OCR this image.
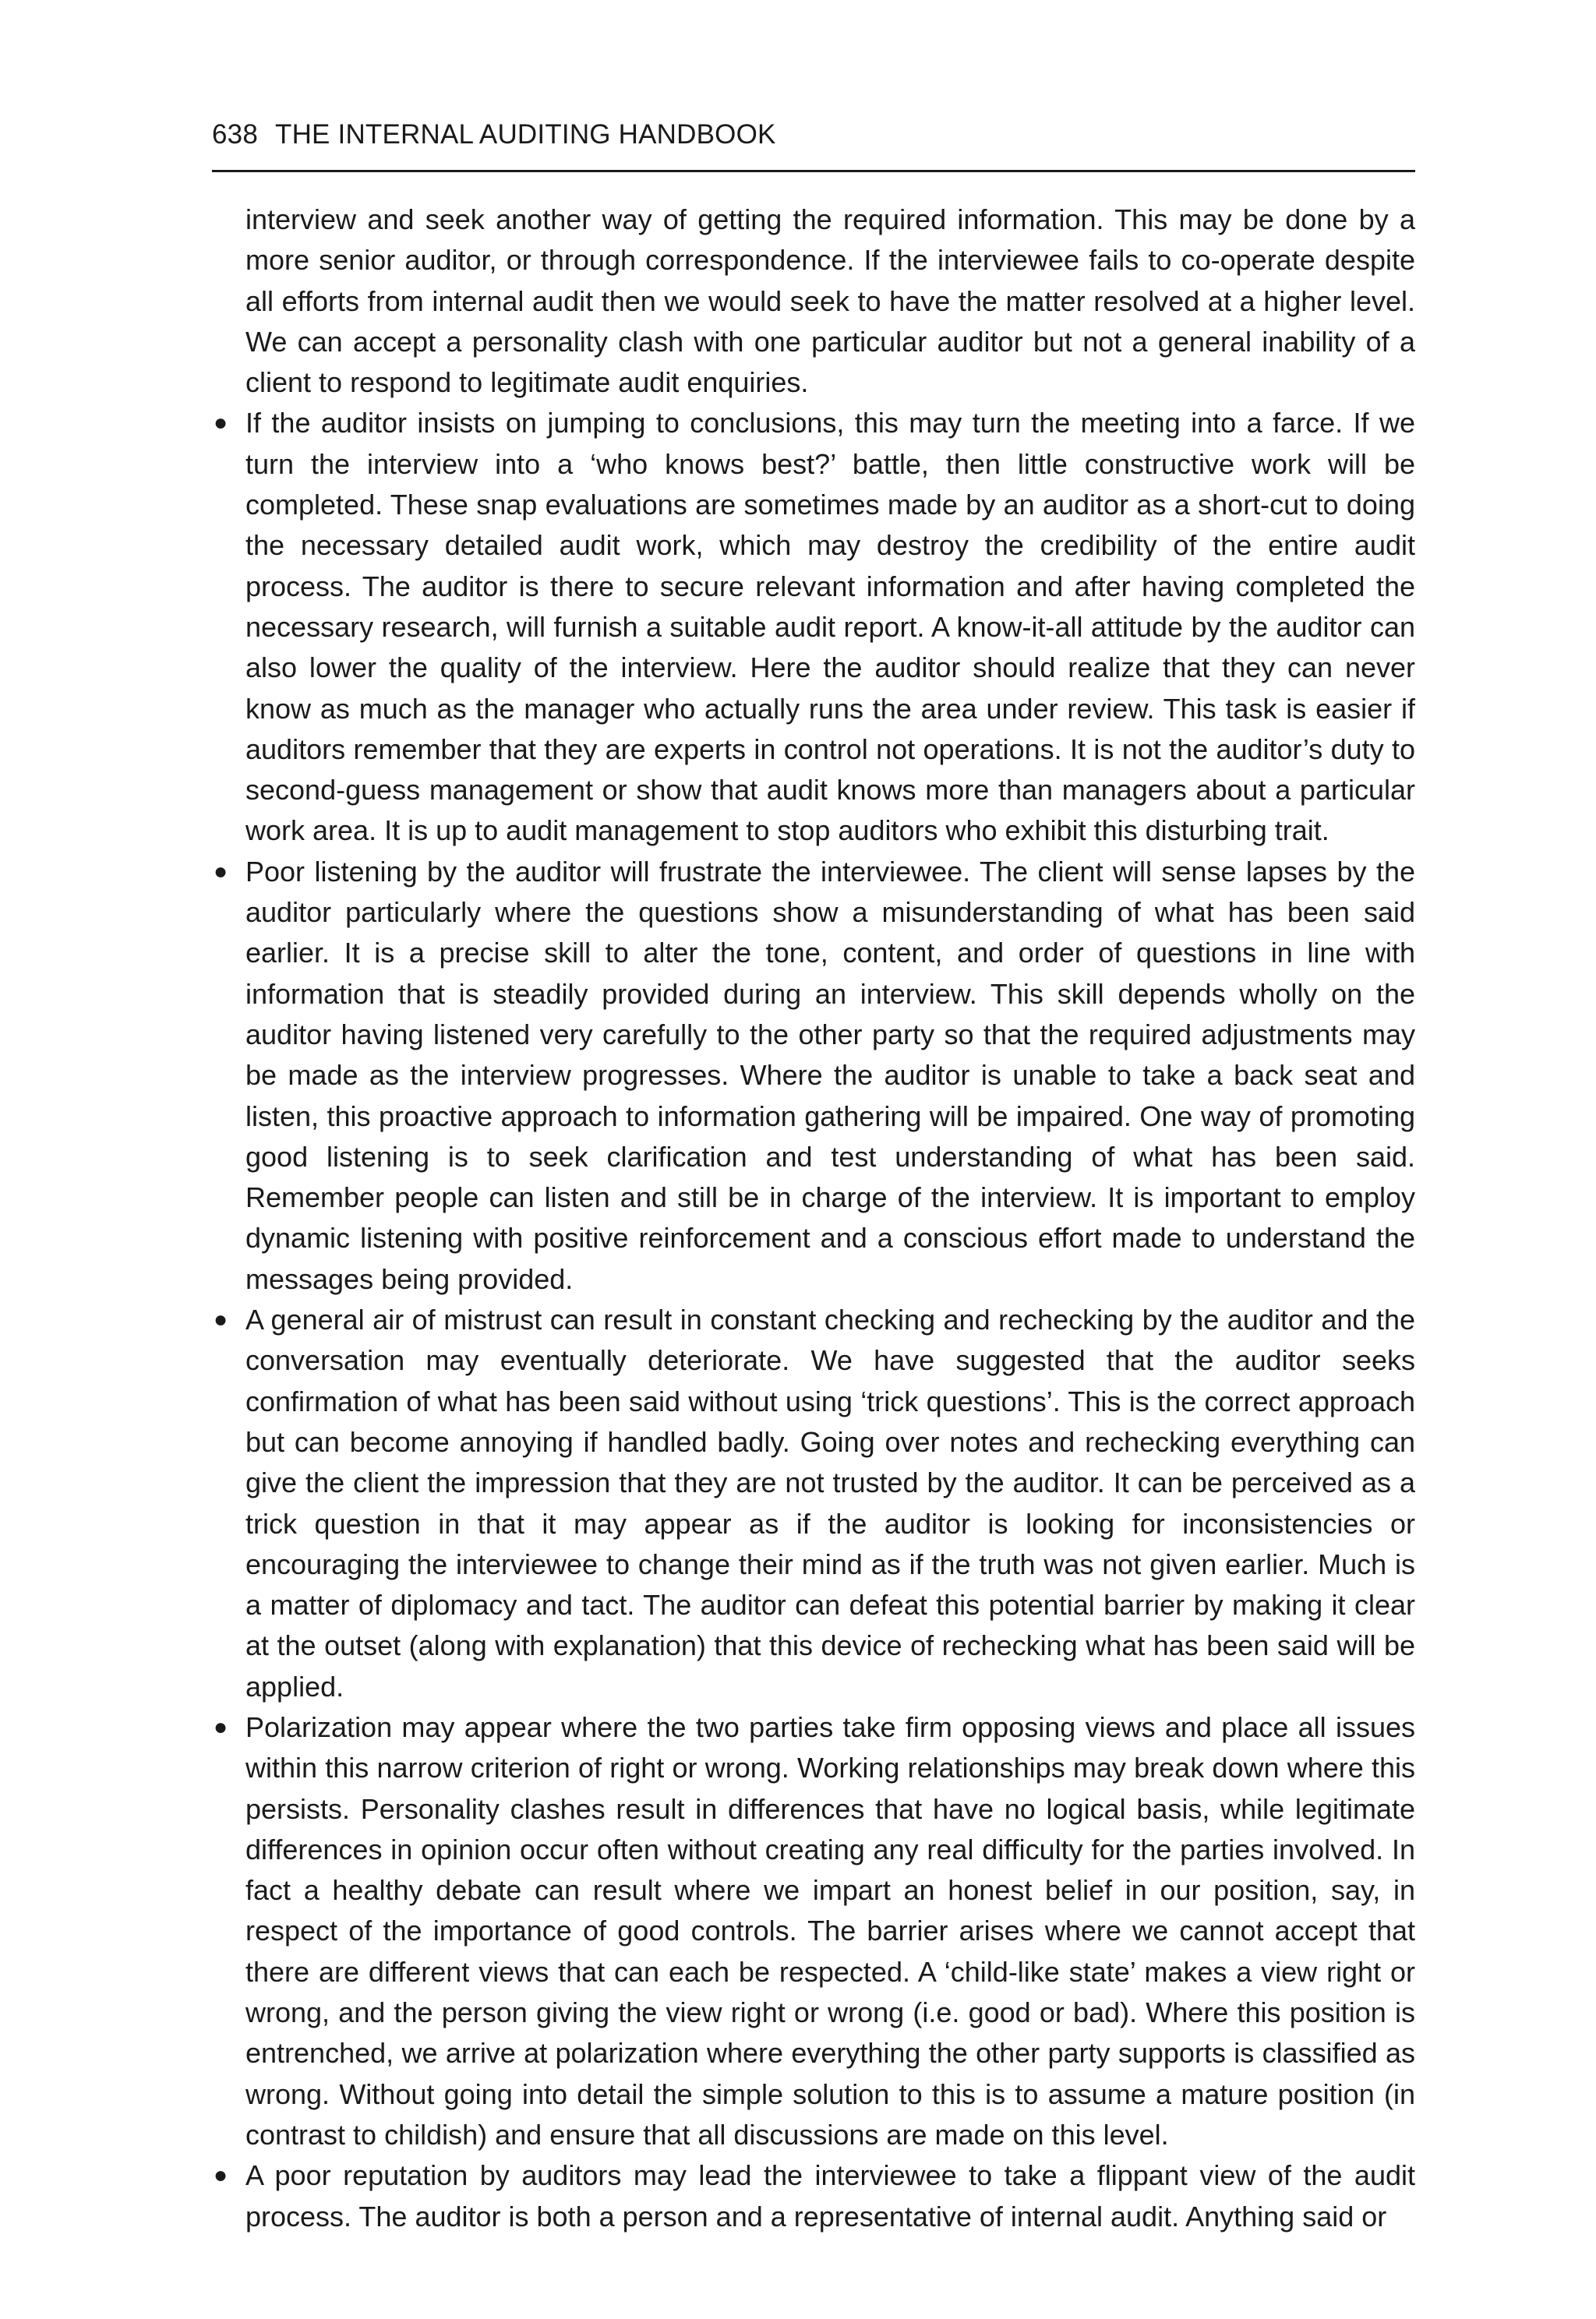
638 THE INTERNAL AUDITING HANDBOOK

interview and seek another way of getting the required information. This may be done by a more senior auditor, or through correspondence. If the interviewee fails to co-operate despite all efforts from internal audit then we would seek to have the matter resolved at a higher level. We can accept a personality clash with one particular auditor but not a general inability of a client to respond to legitimate audit enquiries.

●

If the auditor insists on jumping to conclusions, this may turn the meeting into a farce. If we turn the interview into a ‘who knows best?’ battle, then little constructive work will be completed. These snap evaluations are sometimes made by an auditor as a short-cut to doing the necessary detailed audit work, which may destroy the credibility of the entire audit process. The auditor is there to secure relevant information and after having completed the necessary research, will furnish a suitable audit report. A know-it-all attitude by the auditor can also lower the quality of the interview. Here the auditor should realize that they can never know as much as the manager who actually runs the area under review. This task is easier if auditors remember that they are experts in control not operations. It is not the auditor’s duty to second-guess management or show that audit knows more than managers about a particular work area. It is up to audit management to stop auditors who exhibit this disturbing trait.

●

Poor listening by the auditor will frustrate the interviewee. The client will sense lapses by the auditor particularly where the questions show a misunderstanding of what has been said earlier. It is a precise skill to alter the tone, content, and order of questions in line with information that is steadily provided during an interview. This skill depends wholly on the auditor having listened very carefully to the other party so that the required adjustments may be made as the interview progresses. Where the auditor is unable to take a back seat and listen, this proactive approach to information gathering will be impaired. One way of promoting good listening is to seek clarification and test understanding of what has been said. Remember people can listen and still be in charge of the interview. It is important to employ dynamic listening with positive reinforcement and a conscious effort made to understand the messages being provided.

●

A general air of mistrust can result in constant checking and rechecking by the auditor and the conversation may eventually deteriorate. We have suggested that the auditor seeks confirmation of what has been said without using ‘trick questions’. This is the correct approach but can become annoying if handled badly. Going over notes and rechecking everything can give the client the impression that they are not trusted by the auditor. It can be perceived as a trick question in that it may appear as if the auditor is looking for inconsistencies or encouraging the interviewee to change their mind as if the truth was not given earlier. Much is a matter of diplomacy and tact. The auditor can defeat this potential barrier by making it clear at the outset (along with explanation) that this device of rechecking what has been said will be applied.

●

Polarization may appear where the two parties take firm opposing views and place all issues within this narrow criterion of right or wrong. Working relationships may break down where this persists. Personality clashes result in differences that have no logical basis, while legitimate differences in opinion occur often without creating any real difficulty for the parties involved. In fact a healthy debate can result where we impart an honest belief in our position, say, in respect of the importance of good controls. The barrier arises where we cannot accept that there are different views that can each be respected. A ‘child-like state’ makes a view right or wrong, and the person giving the view right or wrong (i.e. good or bad). Where this position is entrenched, we arrive at polarization where everything the other party supports is classified as wrong. Without going into detail the simple solution to this is to assume a mature position (in contrast to childish) and ensure that all discussions are made on this level.

●

A poor reputation by auditors may lead the interviewee to take a flippant view of the audit process. The auditor is both a person and a representative of internal audit. Anything said or
